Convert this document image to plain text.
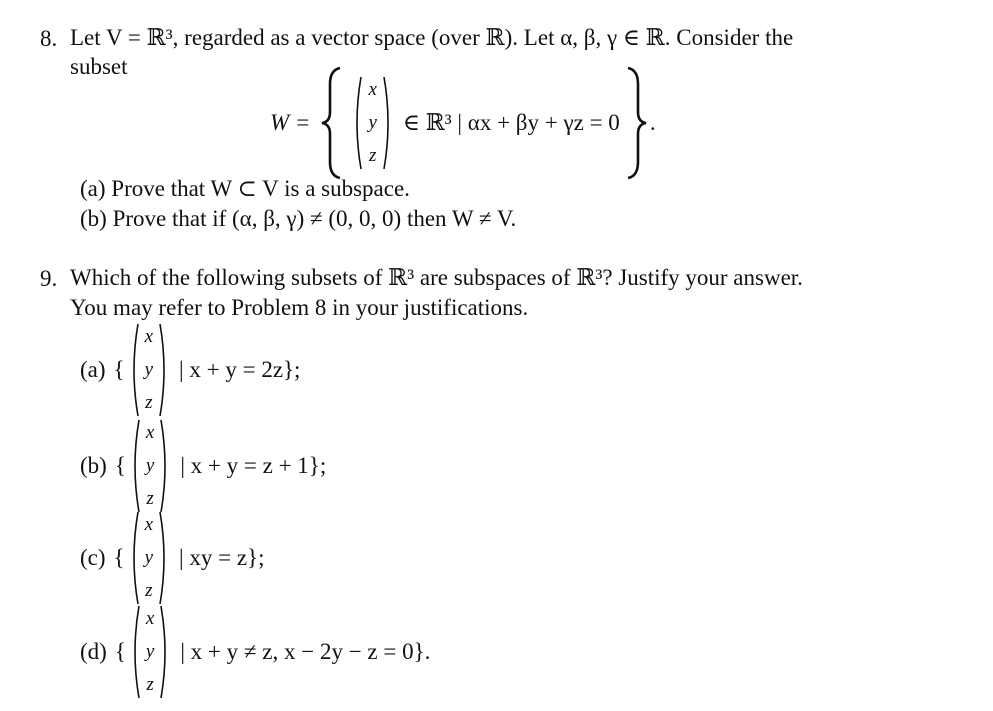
8. Let V = ℝ³, regarded as a vector space (over ℝ). Let α, β, γ ∈ ℝ. Consider the
subset
W =
x
y
z
∈ ℝ³ | αx + βy + γz = 0 .
(a) Prove that W ⊂ V is a subspace.
(b) Prove that if (α, β, γ) ≠ (0, 0, 0) then W ≠ V.
9. Which of the following subsets of ℝ³ are subspaces of ℝ³? Justify your answer.
You may refer to Problem 8 in your justifications.
(a) {
x
y
z
| x + y = 2z};
(b) {
x
y
z
| x + y = z + 1};
(c) {
x
y
z
| xy = z};
(d) {
x
y
z
| x + y ≠ z, x − 2y − z = 0}.
